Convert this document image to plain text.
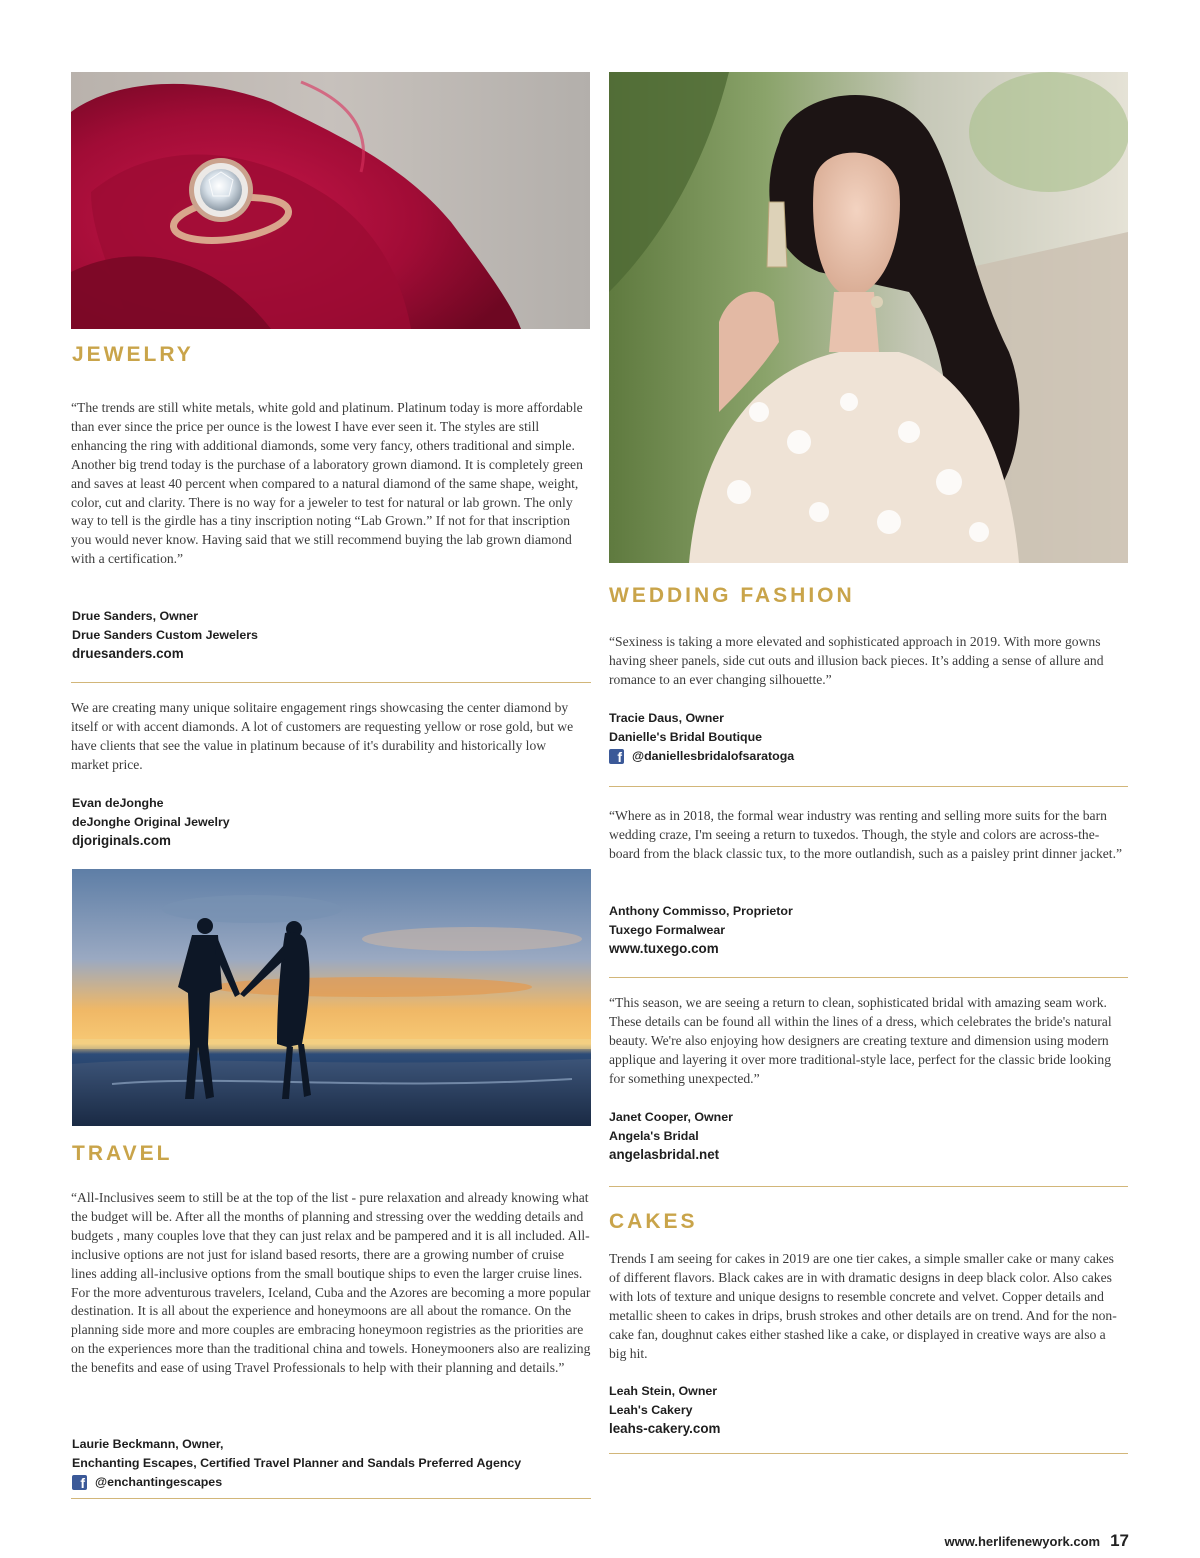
JEWELRY

“The trends are still white metals, white gold and platinum. Platinum today is more affordable than ever since the price per ounce is the lowest I have ever seen it. The styles are still enhancing the ring with additional diamonds, some very fancy, others traditional and simple. Another big trend today is the purchase of a laboratory grown diamond. It is completely green and saves at least 40 percent when compared to a natural diamond of the same shape, weight, color, cut and clarity. There is no way for a jeweler to test for natural or lab grown. The only way to tell is the girdle has a tiny inscription noting “Lab Grown.” If not for that inscription you would never know. Having said that we still recommend buying the lab grown diamond with a certification.”

Drue Sanders, Owner
Drue Sanders Custom Jewelers
druesanders.com

We are creating many unique solitaire engagement rings showcasing the center diamond by itself or with accent diamonds. A lot of customers are requesting yellow or rose gold, but we have clients that see the value in platinum because of it's durability and historically low market price.

Evan deJonghe
deJonghe Original Jewelry
djoriginals.com
TRAVEL

“All-Inclusives seem to still be at the top of the list - pure relaxation and already knowing what the budget will be. After all the months of planning and stressing over the wedding details and budgets , many couples love that they can just relax and be pampered and it is all included. All-inclusive options are not just for island based resorts, there are a growing number of cruise lines adding all-inclusive options from the small boutique ships to even the larger cruise lines. For the more adventurous travelers, Iceland, Cuba and the Azores are becoming a more popular destination. It is all about the experience and honeymoons are all about the romance. On the planning side more and more couples are embracing honeymoon registries as the priorities are on the experiences more than the traditional china and towels. Honeymooners also are realizing the benefits and ease of using Travel Professionals to help with their planning and details.”

Laurie Beckmann, Owner,
Enchanting Escapes, Certified Travel Planner and Sandals Preferred Agency
f @enchantingescapes
WEDDING FASHION

“Sexiness is taking a more elevated and sophisticated approach in 2019. With more gowns having sheer panels, side cut outs and illusion back pieces. It’s adding a sense of allure and romance to an ever changing silhouette.”

Tracie Daus, Owner
Danielle's Bridal Boutique
f @daniellesbridalofsaratoga

“Where as in 2018, the formal wear industry was renting and selling more suits for the barn wedding craze, I'm seeing a return to tuxedos. Though, the style and colors are across-the-board from the black classic tux, to the more outlandish, such as a paisley print dinner jacket.”

Anthony Commisso, Proprietor
Tuxego Formalwear
www.tuxego.com

“This season, we are seeing a return to clean, sophisticated bridal with amazing seam work. These details can be found all within the lines of a dress, which celebrates the bride's natural beauty. We're also enjoying how designers are creating texture and dimension using modern applique and layering it over more traditional-style lace, perfect for the classic bride looking for something unexpected.”

Janet Cooper, Owner
Angela's Bridal
angelasbridal.net
CAKES

Trends I am seeing for cakes in 2019 are one tier cakes, a simple smaller cake or many cakes of different flavors. Black cakes are in with dramatic designs in deep black color. Also cakes with lots of texture and unique designs to resemble concrete and velvet. Copper details and metallic sheen to cakes in drips, brush strokes and other details are on trend. And for the non-cake fan, doughnut cakes either stashed like a cake, or displayed in creative ways are also a big hit.

Leah Stein, Owner
Leah's Cakery
leahs-cakery.com
www.herlifenewyork.com 17
